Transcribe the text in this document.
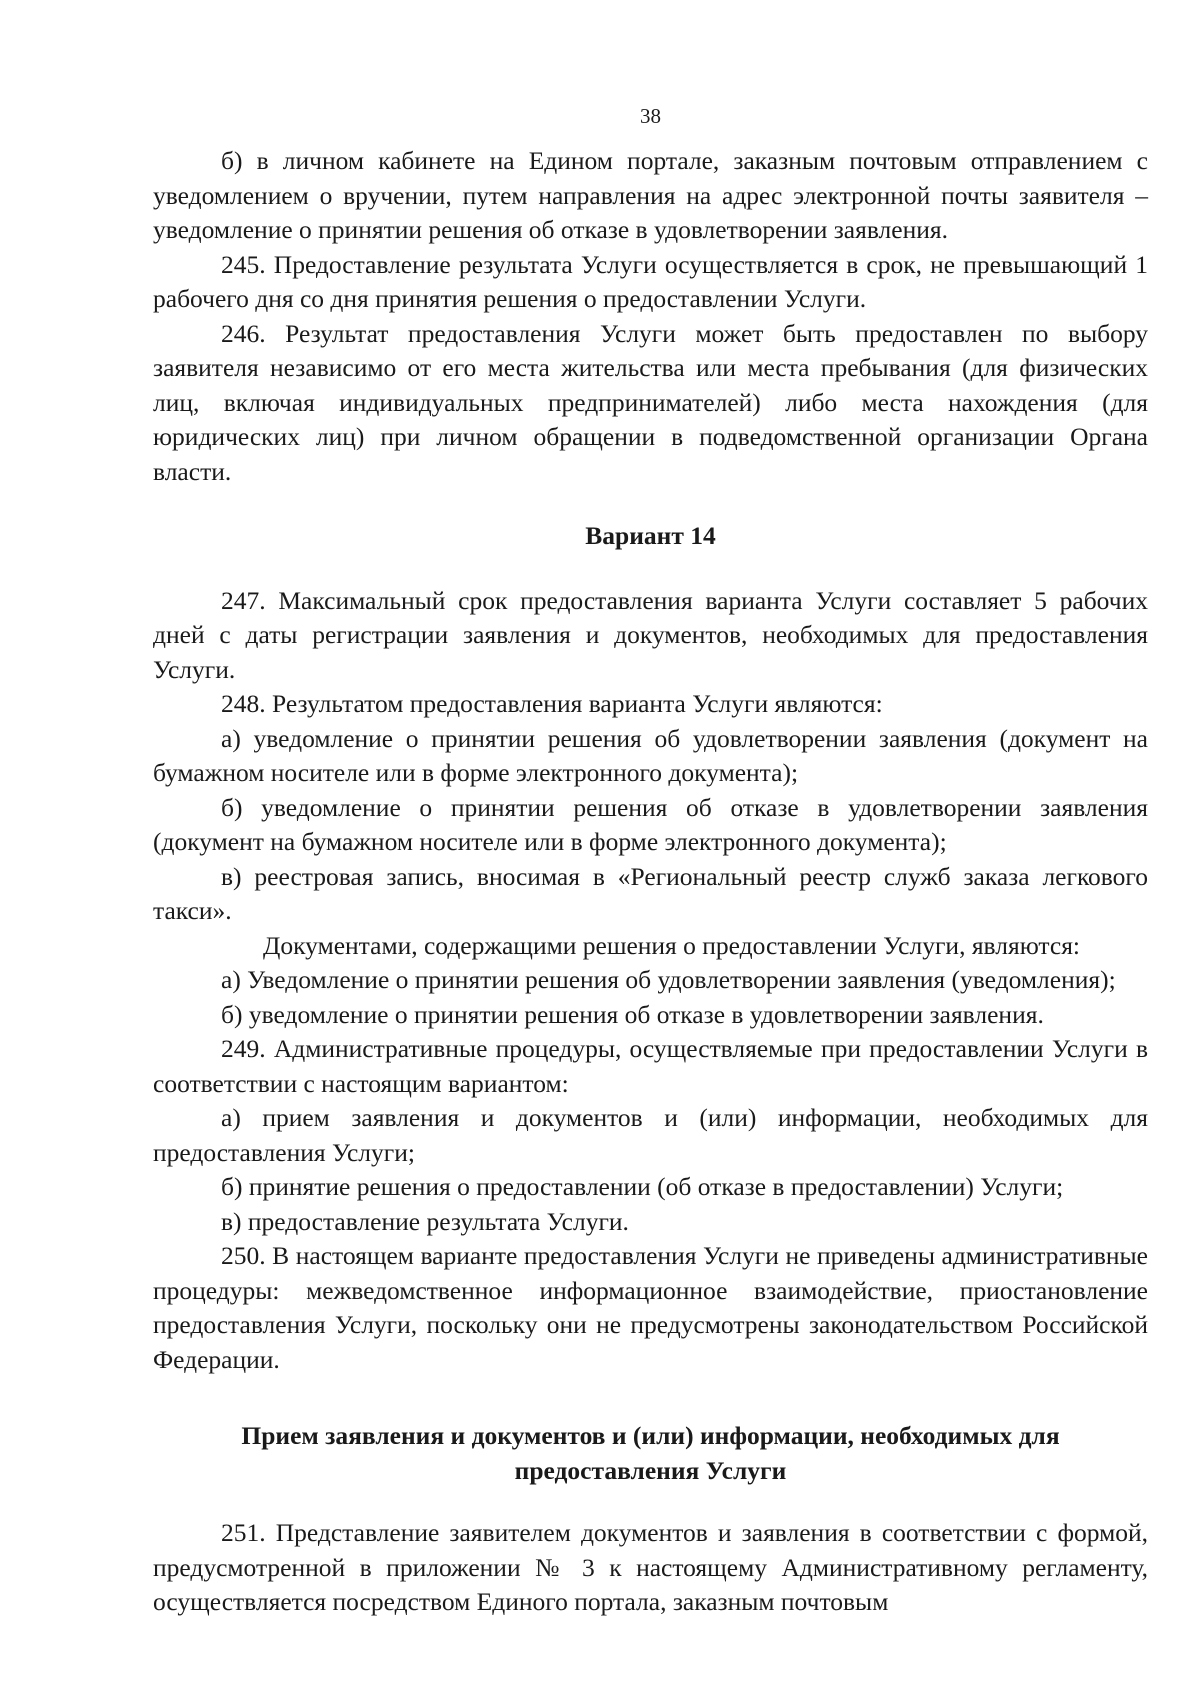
38

б) в личном кабинете на Едином портале, заказным почтовым отправлением с уведомлением о вручении, путем направления на адрес электронной почты заявителя – уведомление о принятии решения об отказе в удовлетворении заявления.

245. Предоставление результата Услуги осуществляется в срок, не превышающий 1 рабочего дня со дня принятия решения о предоставлении Услуги.

246. Результат предоставления Услуги может быть предоставлен по выбору заявителя независимо от его места жительства или места пребывания (для физических лиц, включая индивидуальных предпринимателей) либо места нахождения (для юридических лиц) при личном обращении в подведомственной организации Органа власти.

Вариант 14

247. Максимальный срок предоставления варианта Услуги составляет 5 рабочих дней с даты регистрации заявления и документов, необходимых для предоставления Услуги.

248. Результатом предоставления варианта Услуги являются:

а) уведомление о принятии решения об удовлетворении заявления (документ на бумажном носителе или в форме электронного документа);

б) уведомление о принятии решения об отказе в удовлетворении заявления (документ на бумажном носителе или в форме электронного документа);

в) реестровая запись, вносимая в «Региональный реестр служб заказа легкового такси».

Документами, содержащими решения о предоставлении Услуги, являются:

а) Уведомление о принятии решения об удовлетворении заявления (уведомления);

б) уведомление о принятии решения об отказе в удовлетворении заявления.

249. Административные процедуры, осуществляемые при предоставлении Услуги в соответствии с настоящим вариантом:

а) прием заявления и документов и (или) информации, необходимых для предоставления Услуги;

б) принятие решения о предоставлении (об отказе в предоставлении) Услуги;

в) предоставление результата Услуги.

250. В настоящем варианте предоставления Услуги не приведены административные процедуры: межведомственное информационное взаимодействие, приостановление предоставления Услуги, поскольку они не предусмотрены законодательством Российской Федерации.

Прием заявления и документов и (или) информации, необходимых для предоставления Услуги

251. Представление заявителем документов и заявления в соответствии с формой, предусмотренной в приложении № 3 к настоящему Административному регламенту, осуществляется посредством Единого портала, заказным почтовым
